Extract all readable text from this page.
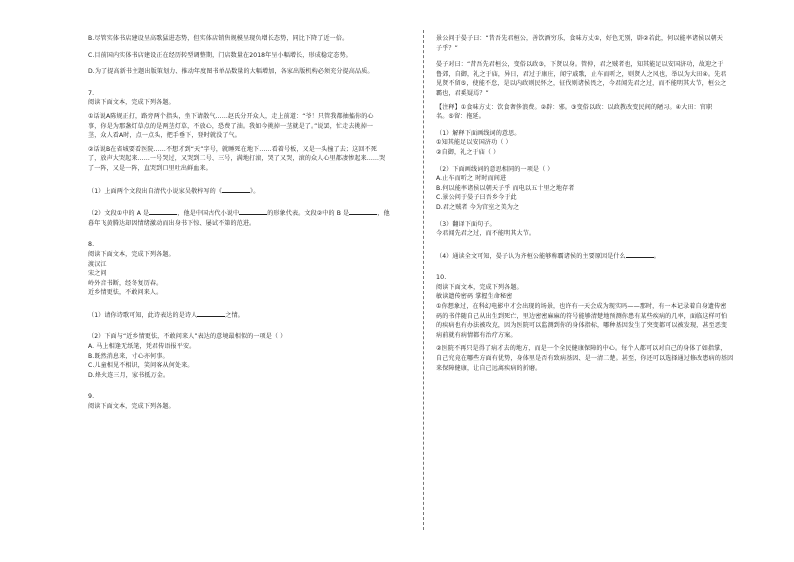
B.尽管实体书店建设呈高歌猛进态势，但实体店销售规模呈现负增长态势，同比下降了近一倍。
C.目前国内实体书店建设正在经历转型调整期，门店数量在2018年呈小幅增长，形成稳定态势。
D.为了提高新书主题出版策划力、推动年度图书单品数量的大幅增加，各家出版机构必须充分提高品质。
7.
阅读下面文本，完成下列各题。
①话说A陈规正打，路旁两个指头，坐下请散气……赵氏分开众人，走上前道：“爷！只管我都抽搐你的心
事，你是为那盏灯草点的是两茎灯草，不放心，恐费了油。我如今挑掉一茎就是了。”说罢，忙走去挑掉一
茎，众人看A时，点一点头，把手垂下，登时就没了气。
②话说B在省城要看医院……不想才到“天”字号，就睡死在地下……看着号板，又是一头撞了去；这回不死
了，放声大哭起来……一号哭过，又哭到二号、三号，满地打滚，哭了又哭，滚的众人心里都凄惨起来……哭
了一阵，又是一阵，直哭到口里吐出鲜血来。
（1）上面两个文段出自清代小说家吴敬梓写的《	》。
（2）文段①中的 A 是	，他是中国古代小说中	的形象代表。文段②中的 B 是	，他
暮年飞黄腾达却因情绪激动而出身书下惊、屡试不第的范进。
8.
阅读下面文本，完成下列各题。
渡汉江
宋之问
岭外音书断，经冬复历春。
近乡情更怯，不敢问来人。
（1）请你诗歌可知，此诗表达的是诗人	之情。
（2）下面与“近乡情更怯，不敢问来人”表达的意境最相似的一项是（ ）
A. 马上相逢无纸笔，凭君传语报平安。
B.既然消息来，寸心亦何事。
C.儿童相见不相识，笑问客从何处来。
D.烽火连三月，家书抵万金。
9.
阅读下面文本，完成下列各题。
景公问于晏子曰：“昔吾先君桓公，善饮酒穷乐，食味方丈①，好色无别，辟②若此，何以能率诸侯以朝天
子乎？”
晏子对曰：“昔吾先君桓公，变俗以政③，下贤以身。管仲，君之贼者也，知其能足以安国济功，故迎之于
鲁郊，自御，礼之于庙，异日，君过于康庄，闻宁戚歌，止车而听之，则贤人之风也，举以为大田④。先君
见贤不留⑤，使能不怠，是以内政则民怀之，征伐则诸侯畏之，今君闻先君之过，而不能明其大节，桓公之
霸也，君奚疑焉？”
【注释】①食味方丈：饮食奢侈浪费。②辟：邪。③变俗以政：以政教改变民间的陋习。④大田：官职
名。⑤留：拖延。
（1）解释下面画线词的意思。
①知其能足以安国济功（ ）
②自御，礼之于庙（ ）
（2）下面画线词的意思相同的一项是（ ）
A.止车而听之 时时而间进
B.何以能率诸侯以朝天子乎 而电以五十里之地存者
C.景公问于晏子曰吾乡今于此
D.君之贼者 今为宫室之美为之
（3）翻译下面句子。
今君闻先君之过，而不能明其大节。
（4）通读全文可知，晏子认为齐桓公能够称霸诸侯的主要原因是什么	。
10.
阅读下面文本，完成下列各题。
敏读遗传密码 掌握生命秘密
①你想象过，在科幻电影中才会出现的场景，也许有一天会成为现实吗——那时，有一本记录着自身遗传密
码的书伴随自己从出生到死亡，里边密密麻麻的符号能够清楚地预测你患有某些疾病的几率，面临这样可怕
的疾病也有办法被攻克，因为医院可以监测到你的身体指标，哪种基因发生了突变都可以被发现，甚至恶变
病前就有病情都有治疗方案。
②医院不再只是得了病才去的地方，而是一个全民健康保障的中心。每个人都可以对自己的身体了如指掌，
自己究竟在哪些方面有优势，身体里是否有致病基因、是一清二楚。甚至，你还可以选择通过修改患病的基因
来保障健康，让自己远离疾病的折磨。
